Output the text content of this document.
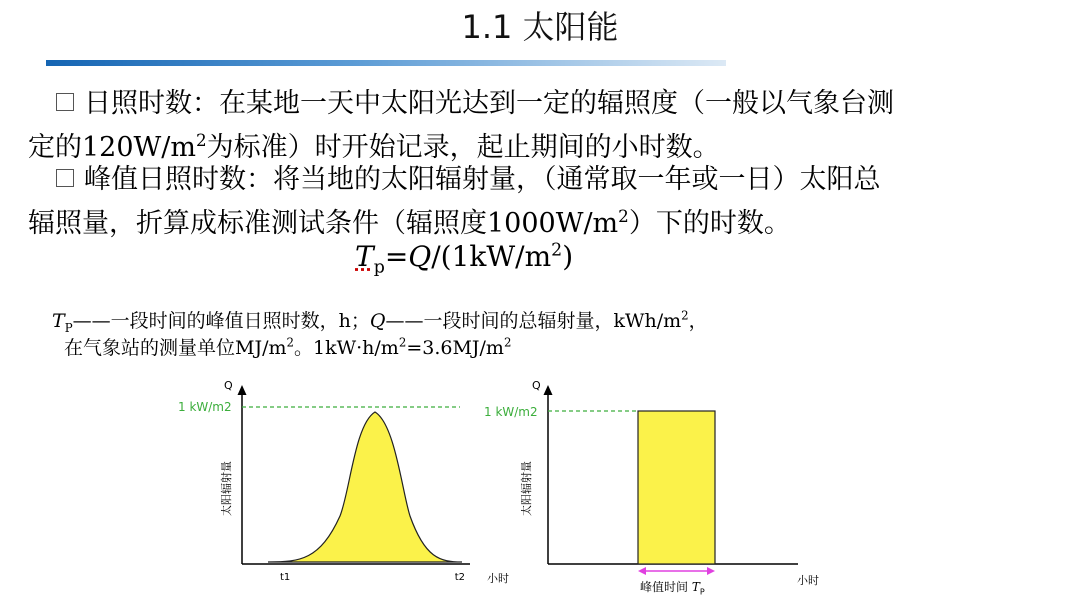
1.1 太阳能
日照时数：在某地一天中太阳光达到一定的辐照度（一般以气象台测
定的$120W/m^2$为标准）时开始记录，起止期间的小时数。
峰值日照时数：将当地的太阳辐射量，（通常取一年或一日）太阳总
辐照量，折算成标准测试条件（辐照度$1000W/m^2$）下的时数。
$T_p=Q/(1kW/m^2)$
$T_P——$一段时间的峰值日照时数，h；Q——一段时间的总辐射量，kWh/$m^2$，
在气象站的测量单位$MJ/m^2$。$1kW\cdot h/m^2=3.6MJ/m^2$
Q
1 kW/m2
太阳辐射量
t1	t2 小时
Q
1 kW/m2
太阳辐射量
峰值时间 $T_P$
小时
